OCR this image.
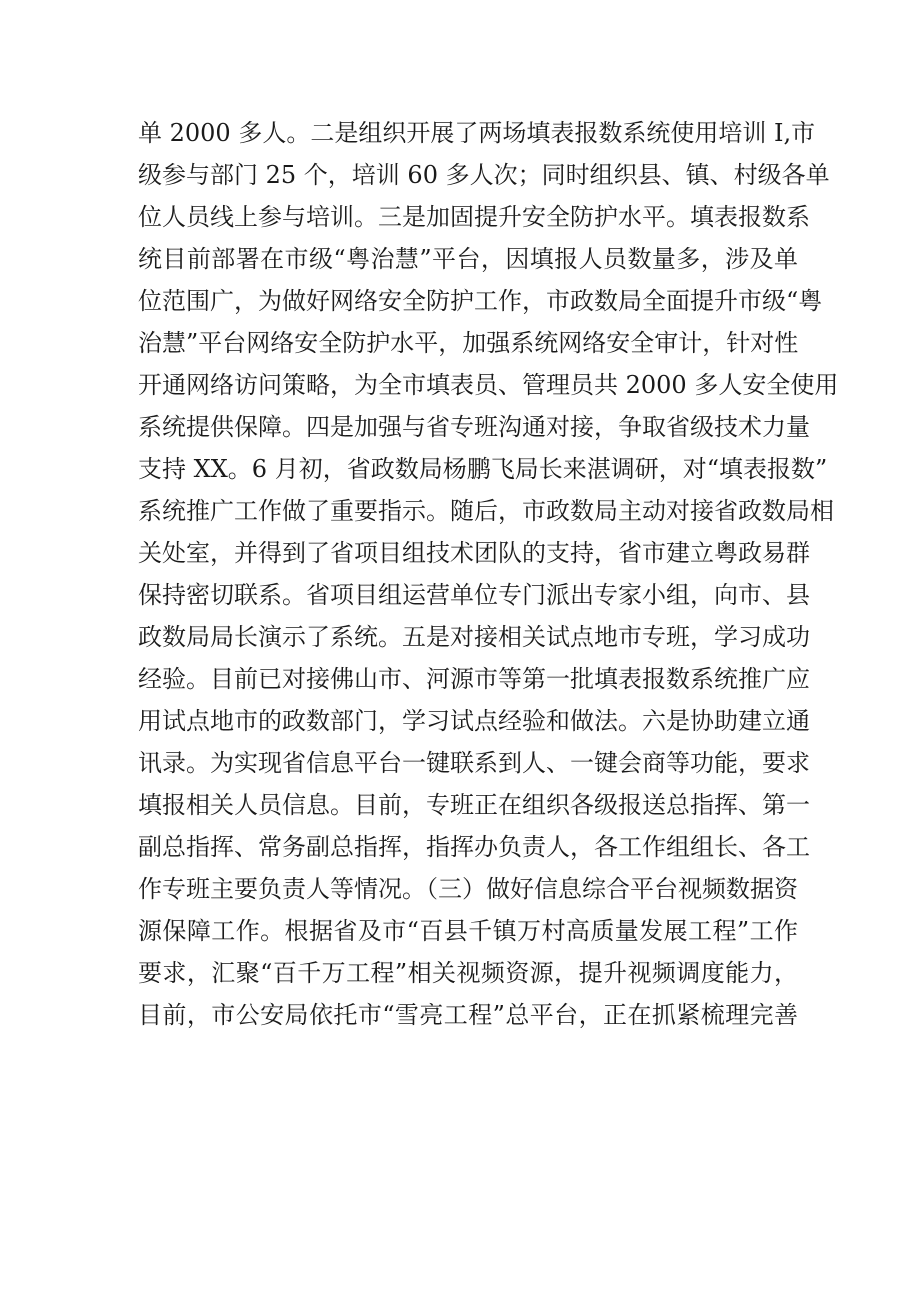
单 2000 多人。二是组织开展了两场填表报数系统使用培训 I,市
级参与部门 25 个，培训 60 多人次；同时组织县、镇、村级各单
位人员线上参与培训。三是加固提升安全防护水平。填表报数系
统目前部署在市级“粤治慧”平台，因填报人员数量多，涉及单
位范围广，为做好网络安全防护工作，市政数局全面提升市级“粤
治慧”平台网络安全防护水平，加强系统网络安全审计，针对性
开通网络访问策略，为全市填表员、管理员共 2000 多人安全使用
系统提供保障。四是加强与省专班沟通对接，争取省级技术力量
支持 XX。6 月初，省政数局杨鹏飞局长来湛调研，对“填表报数”
系统推广工作做了重要指示。随后，市政数局主动对接省政数局相
关处室，并得到了省项目组技术团队的支持，省市建立粤政易群
保持密切联系。省项目组运营单位专门派出专家小组，向市、县
政数局局长演示了系统。五是对接相关试点地市专班，学习成功
经验。目前已对接佛山市、河源市等第一批填表报数系统推广应
用试点地市的政数部门，学习试点经验和做法。六是协助建立通
讯录。为实现省信息平台一键联系到人、一键会商等功能，要求
填报相关人员信息。目前，专班正在组织各级报送总指挥、第一
副总指挥、常务副总指挥，指挥办负责人，各工作组组长、各工
作专班主要负责人等情况。（三）做好信息综合平台视频数据资
源保障工作。根据省及市“百县千镇万村高质量发展工程”工作
要求，汇聚“百千万工程”相关视频资源，提升视频调度能力，
目前，市公安局依托市“雪亮工程”总平台，正在抓紧梳理完善
